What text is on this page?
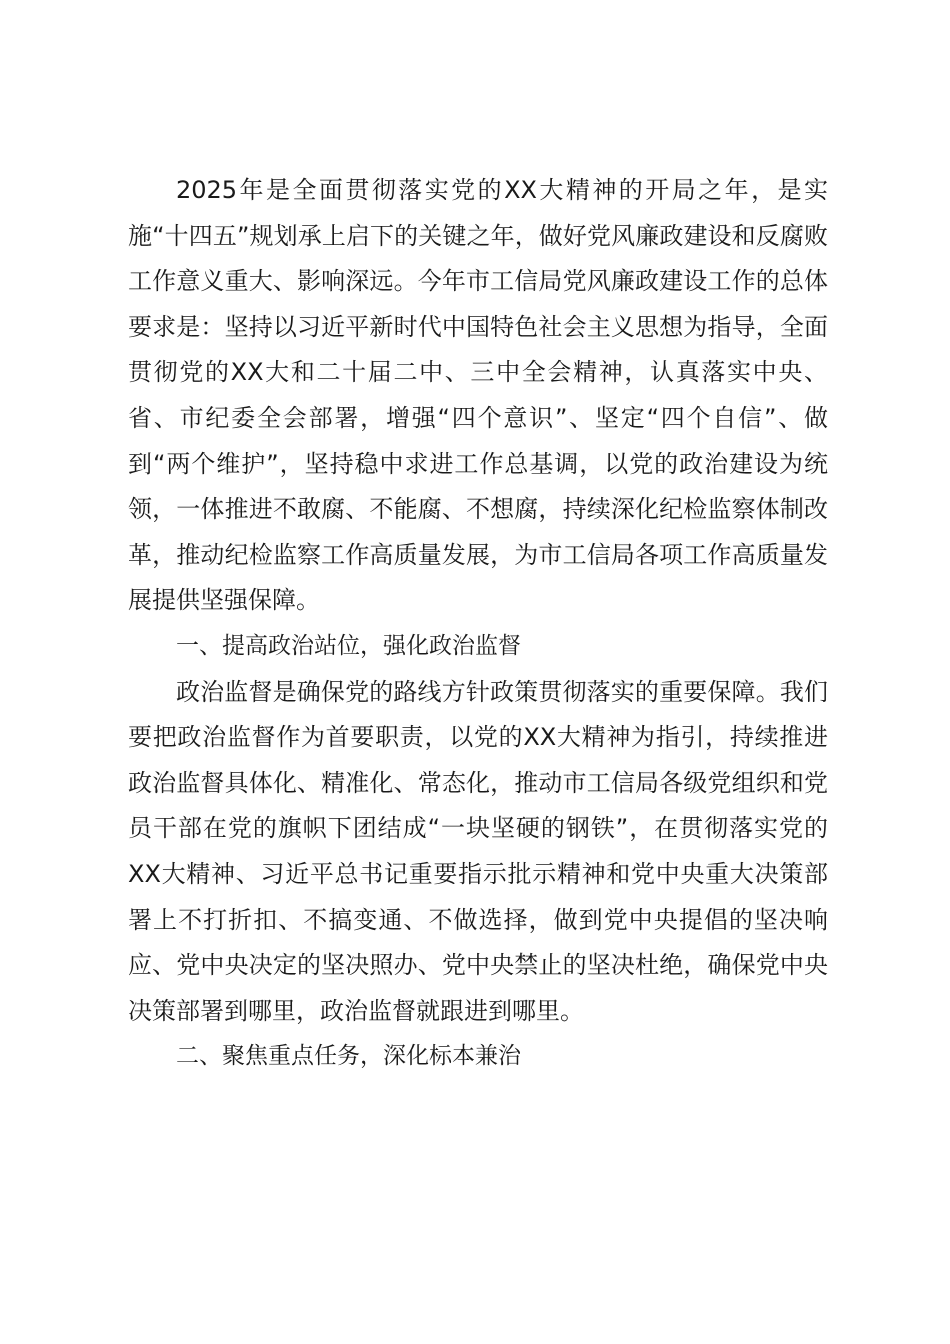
2025年是全面贯彻落实党的XX大精神的开局之年，是实施“十四五”规划承上启下的关键之年，做好党风廉政建设和反腐败工作意义重大、影响深远。今年市工信局党风廉政建设工作的总体要求是：坚持以习近平新时代中国特色社会主义思想为指导，全面贯彻党的XX大和二十届二中、三中全会精神，认真落实中央、省、市纪委全会部署，增强“四个意识”、坚定“四个自信”、做到“两个维护”，坚持稳中求进工作总基调，以党的政治建设为统领，一体推进不敢腐、不能腐、不想腐，持续深化纪检监察体制改革，推动纪检监察工作高质量发展，为市工信局各项工作高质量发展提供坚强保障。

一、提高政治站位，强化政治监督

政治监督是确保党的路线方针政策贯彻落实的重要保障。我们要把政治监督作为首要职责，以党的XX大精神为指引，持续推进政治监督具体化、精准化、常态化，推动市工信局各级党组织和党员干部在党的旗帜下团结成“一块坚硬的钢铁”，在贯彻落实党的XX大精神、习近平总书记重要指示批示精神和党中央重大决策部署上不打折扣、不搞变通、不做选择，做到党中央提倡的坚决响应、党中央决定的坚决照办、党中央禁止的坚决杜绝，确保党中央决策部署到哪里，政治监督就跟进到哪里。

二、聚焦重点任务，深化标本兼治
